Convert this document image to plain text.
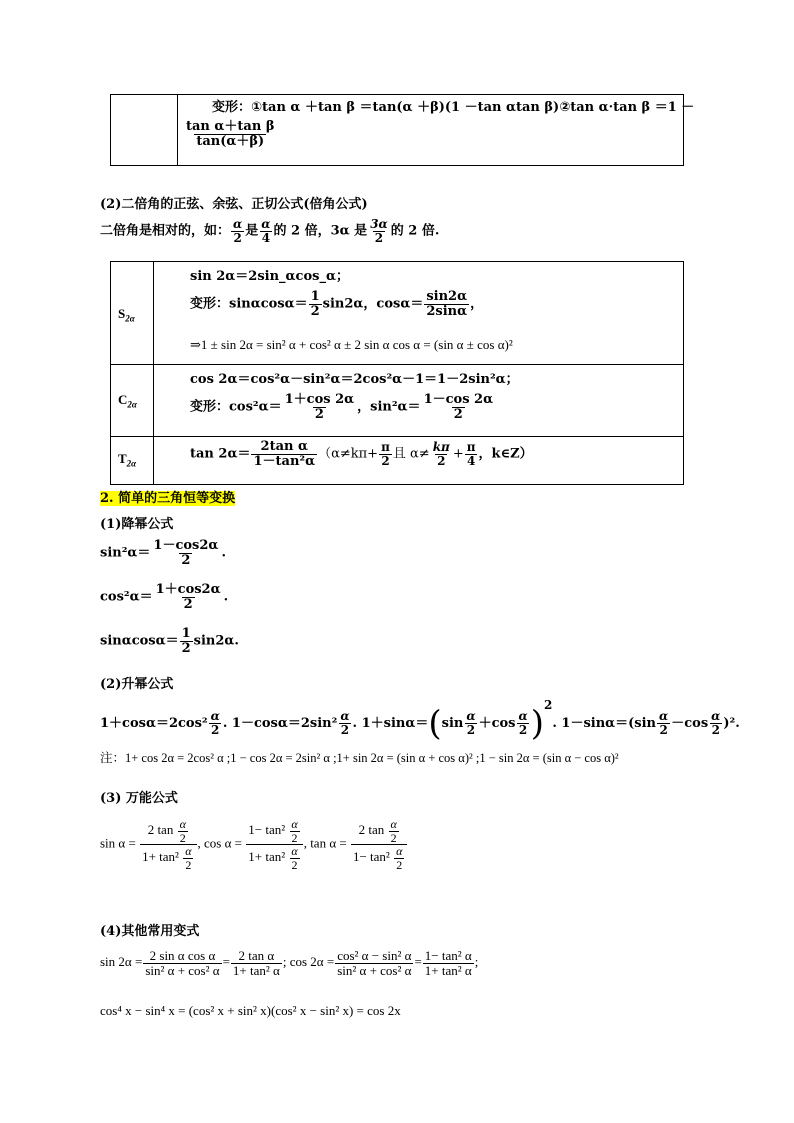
变形：①tan α ＋tan β ＝tan(α ＋β)(1 －tan αtan β)②tan α·tan β ＝1 －
$\frac{\text{tan α＋tan β}}{\tan(\alpha+\beta)}$
(2)二倍角的正弦、余弦、正切公式(倍角公式)
二倍角是相对的，如： $\frac{\alpha}{2}$ 是 $\frac{\alpha}{4}$ 的 2 倍，3α 是 $\frac{3\alpha}{2}$ 的 2 倍.
$S_{2\alpha}$
sin 2α＝2sin_αcos_α；
变形：$\sin\alpha\cos\alpha= \frac{1}{2} \sin 2\alpha$，$\cos\alpha= \frac{\sin 2\alpha}{2\sin\alpha}$ ，
⇒1 ± sin 2α = sin² α + cos² α ± 2 sin α cos α = (sin α ± cos α)²
$C_{2\alpha}$
cos 2α＝cos²α－sin²α＝2cos²α－1＝1－2sin²α；
变形：$\cos^2\alpha= \frac{1+\cos 2\alpha}{2}$ ，$\sin^2\alpha= \frac{1-\cos 2\alpha}{2}$
$T_{2\alpha}$
$\tan 2\alpha= \frac{\text{2tan α}}{\text{1－tan²α}} (\alpha\ne k\pi+ \frac{\pi}{2}$ 且 $\alpha\ne \frac{k\pi}{2} + \frac{\pi}{4}$ ，k∈Z）
2. 简单的三角恒等变换
(1)降幂公式
$\sin^2\alpha= \frac{1-\cos 2\alpha}{2}$ .
$\cos^2\alpha= \frac{1+\cos 2\alpha}{2}$ .
$\sin\alpha\cos\alpha= \frac{1}{2} \sin 2\alpha$.
(2)升幂公式
$1+\cos\alpha=2\cos^2 \frac{\alpha}{2}$ . $1-\cos\alpha=2\sin^2 \frac{\alpha}{2}$ . $1+\sin\alpha=(\sin \frac{\alpha}{2} +\cos \frac{\alpha}{2} )^2$. $1-\sin\alpha=(\sin \frac{\alpha}{2} -\cos \frac{\alpha}{2} )^2$.
注：1+ cos 2α = 2cos² α ;1 − cos 2α = 2sin² α ;1+ sin 2α = (sin α + cos α)² ;1 − sin 2α = (sin α − cos α)²
(3) 万能公式
$\sin \alpha = \frac{2 \tan \frac{\alpha}{2}}{1+ \tan^2 \frac{\alpha}{2}}$ , $\cos \alpha = \frac{1- \tan^2 \frac{\alpha}{2}}{1+ \tan^2 \frac{\alpha}{2}}$ , $\tan \alpha = \frac{2 \tan \frac{\alpha}{2}}{1- \tan^2 \frac{\alpha}{2}}$
(4)其他常用变式
$\sin 2\alpha = \frac{\text{2 sin α cos α}}{\text{sin² α + cos² α}} = \frac{\text{2 tan α}}{\text{1+ tan² α}}$ ; $\cos 2\alpha = \frac{\text{cos² α − sin² α}}{\text{sin² α + cos² α}} = \frac{\text{1− tan² α}}{\text{1+ tan² α}}$ ;
cos⁴ x − sin⁴ x = (cos² x + sin² x)(cos² x − sin² x) = cos 2x
